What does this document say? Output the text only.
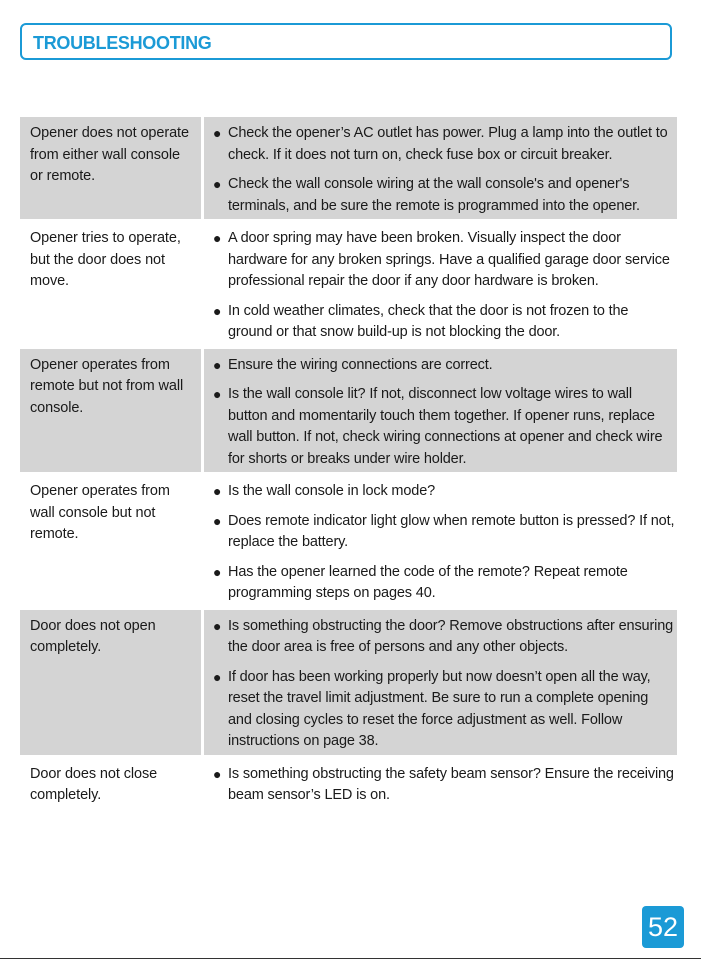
TROUBLESHOOTING
Opener does not operate from either wall console or remote.
● Check the opener’s AC outlet has power. Plug a lamp into the outlet to check. If it does not turn on, check fuse box or circuit breaker.
● Check the wall console wiring at the wall console's and opener's terminals, and be sure the remote is programmed into the opener.
Opener tries to operate, but the door does not move.
● A door spring may have been broken. Visually inspect the door hardware for any broken springs. Have a qualified garage door service professional repair the door if any door hardware is broken.
● In cold weather climates, check that the door is not frozen to the ground or that snow build-up is not blocking the door.
Opener operates from remote but not from wall console.
● Ensure the wiring connections are correct.
● Is the wall console lit? If not, disconnect low voltage wires to wall button and momentarily touch them together. If opener runs, replace wall button. If not, check wiring connections at opener and check wire for shorts or breaks under wire holder.
Opener operates from wall console but not remote.
● Is the wall console in lock mode?
● Does remote indicator light glow when remote button is pressed? If not, replace the battery.
● Has the opener learned the code of the remote? Repeat remote programming steps on pages 40.
Door does not open completely.
● Is something obstructing the door? Remove obstructions after ensuring the door area is free of persons and any other objects.
● If door has been working properly but now doesn’t open all the way, reset the travel limit adjustment. Be sure to run a complete opening and closing cycles to reset the force adjustment as well. Follow instructions on page 38.
Door does not close completely.
● Is something obstructing the safety beam sensor? Ensure the receiving beam sensor’s LED is on.
52
